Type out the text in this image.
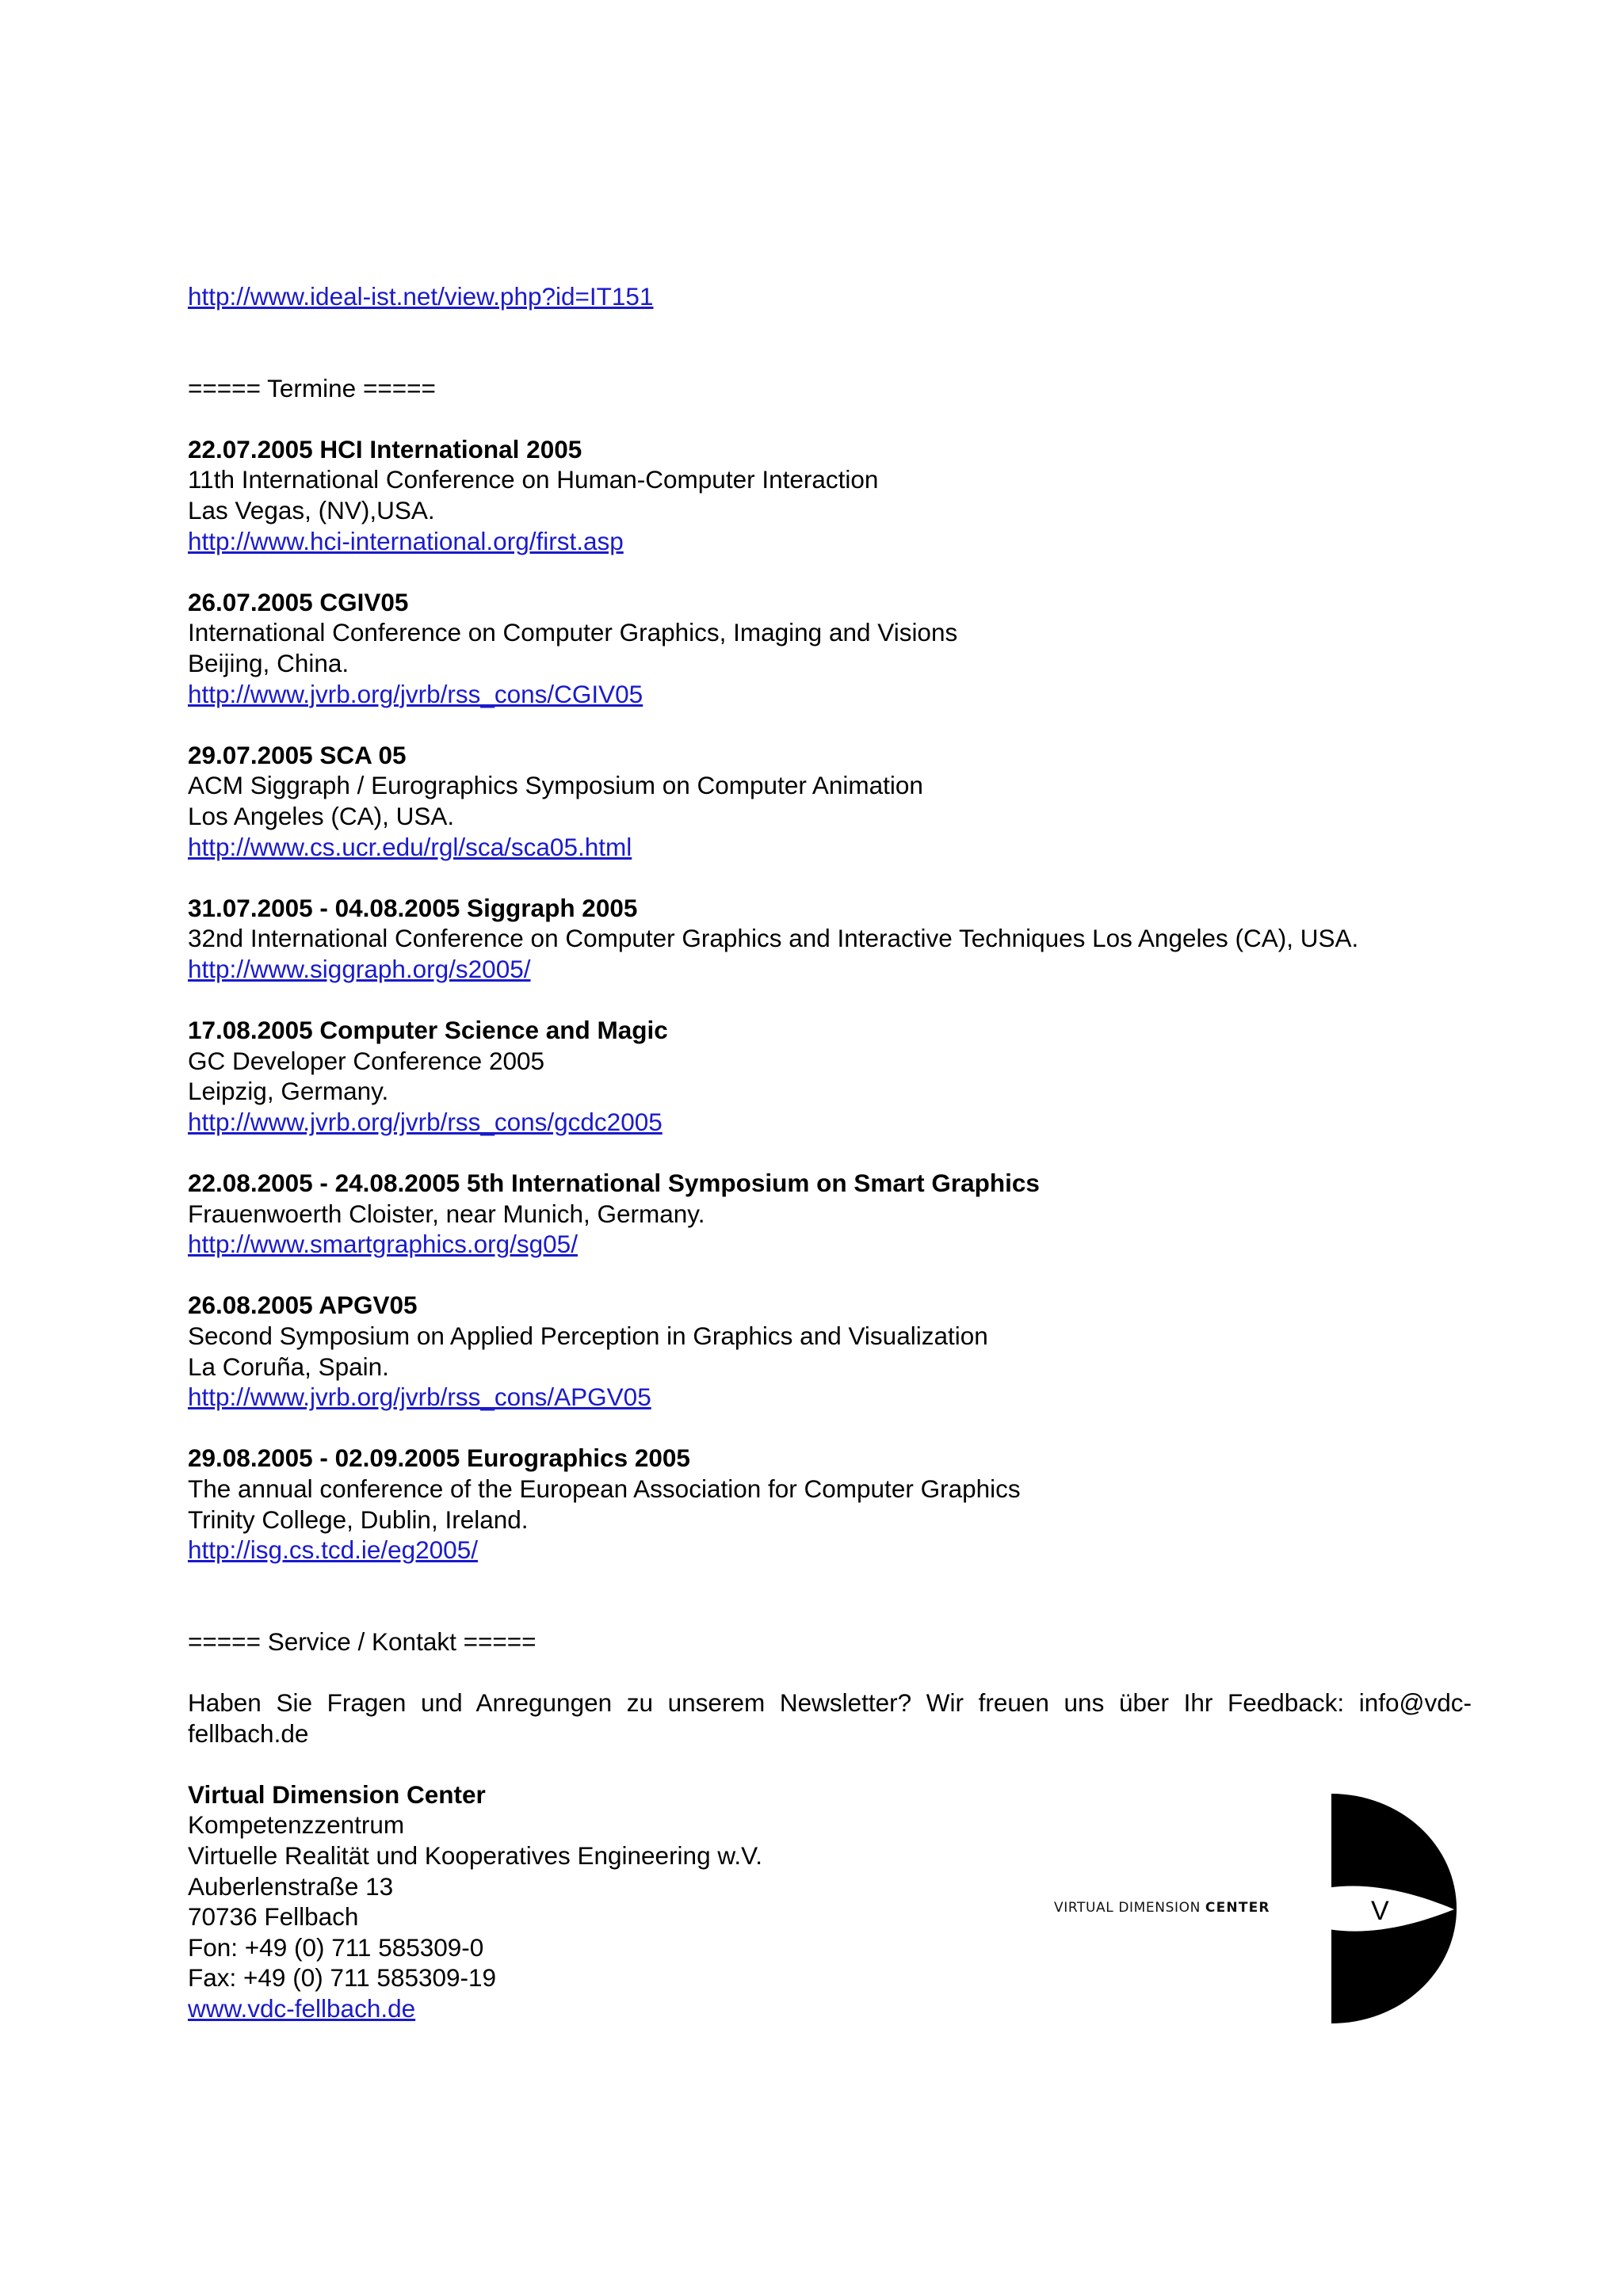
http://www.ideal-ist.net/view.php?id=IT151
===== Termine =====
22.07.2005 HCI International 2005
11th International Conference on Human-Computer Interaction
Las Vegas, (NV),USA.
http://www.hci-international.org/first.asp
26.07.2005 CGIV05
International Conference on Computer Graphics, Imaging and Visions
Beijing, China.
http://www.jvrb.org/jvrb/rss_cons/CGIV05
29.07.2005 SCA 05
ACM Siggraph / Eurographics Symposium on Computer Animation
Los Angeles (CA), USA.
http://www.cs.ucr.edu/rgl/sca/sca05.html
31.07.2005 - 04.08.2005 Siggraph 2005
32nd International Conference on Computer Graphics and Interactive Techniques Los Angeles (CA), USA.
http://www.siggraph.org/s2005/
17.08.2005 Computer Science and Magic
GC Developer Conference 2005
Leipzig, Germany.
http://www.jvrb.org/jvrb/rss_cons/gcdc2005
22.08.2005 - 24.08.2005 5th International Symposium on Smart Graphics
Frauenwoerth Cloister, near Munich, Germany.
http://www.smartgraphics.org/sg05/
26.08.2005 APGV05
Second Symposium on Applied Perception in Graphics and Visualization
La Coruña, Spain.
http://www.jvrb.org/jvrb/rss_cons/APGV05
29.08.2005 - 02.09.2005 Eurographics 2005
The annual conference of the European Association for Computer Graphics
Trinity College, Dublin, Ireland.
http://isg.cs.tcd.ie/eg2005/
===== Service / Kontakt =====
Haben Sie Fragen und Anregungen zu unserem Newsletter? Wir freuen uns über Ihr Feedback: info@vdc-fellbach.de
Virtual Dimension Center
Kompetenzzentrum
Virtuelle Realität und Kooperatives Engineering w.V.
Auberlenstraße 13
70736 Fellbach
Fon: +49 (0) 711 585309-0
Fax: +49 (0) 711 585309-19
www.vdc-fellbach.de
VIRTUAL DIMENSION CENTER	V
